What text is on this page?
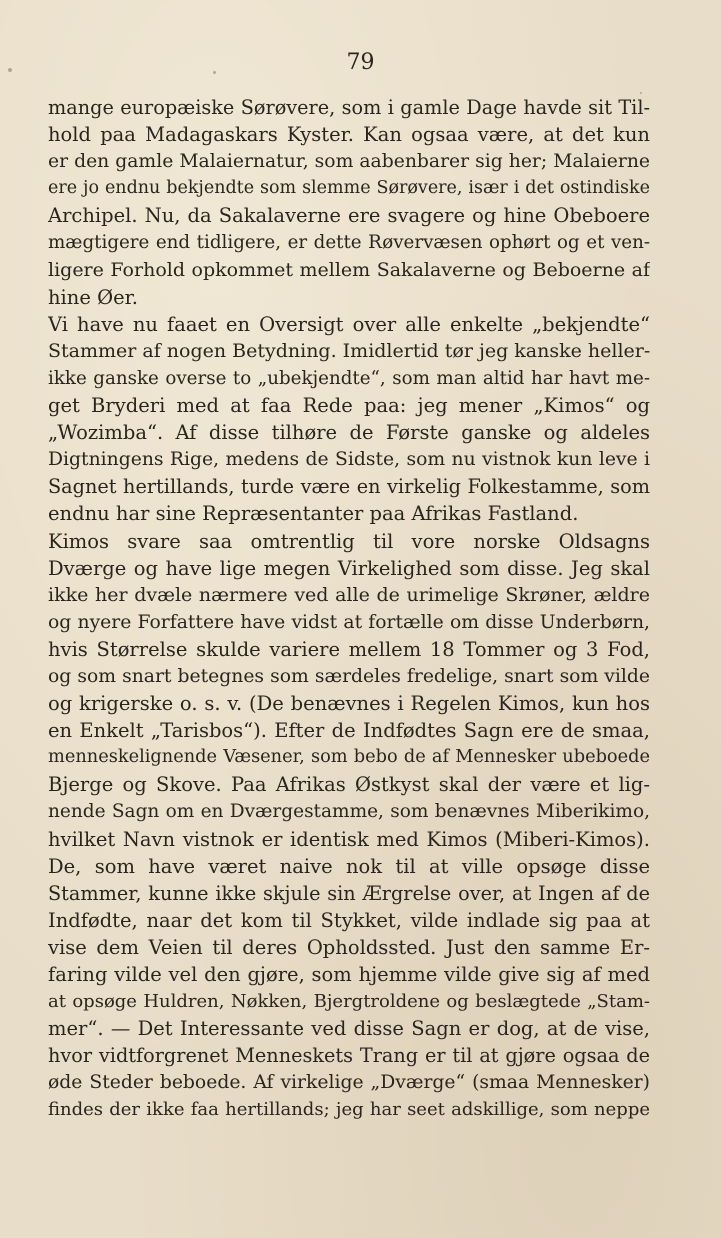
79
mange europæiske Sørøvere, som i gamle Dage havde sit Til-
hold paa Madagaskars Kyster. Kan ogsaa være, at det kun
er den gamle Malaiernatur, som aabenbarer sig her; Malaierne
ere jo endnu bekjendte som slemme Sørøvere, især i det ostindiske
Archipel. Nu, da Sakalaverne ere svagere og hine Obeboere
mægtigere end tidligere, er dette Røvervæsen ophørt og et ven-
ligere Forhold opkommet mellem Sakalaverne og Beboerne af
hine Øer.
Vi have nu faaet en Oversigt over alle enkelte „bekjendte“
Stammer af nogen Betydning. Imidlertid tør jeg kanske heller-
ikke ganske overse to „ubekjendte“, som man altid har havt me-
get Bryderi med at faa Rede paa: jeg mener „Kimos“ og
„Wozimba“. Af disse tilhøre de Første ganske og aldeles
Digtningens Rige, medens de Sidste, som nu vistnok kun leve i
Sagnet hertillands, turde være en virkelig Folkestamme, som
endnu har sine Repræsentanter paa Afrikas Fastland.
Kimos svare saa omtrentlig til vore norske Oldsagns
Dværge og have lige megen Virkelighed som disse. Jeg skal
ikke her dvæle nærmere ved alle de urimelige Skrøner, ældre
og nyere Forfattere have vidst at fortælle om disse Underbørn,
hvis Størrelse skulde variere mellem 18 Tommer og 3 Fod,
og som snart betegnes som særdeles fredelige, snart som vilde
og krigerske o. s. v. (De benævnes i Regelen Kimos, kun hos
en Enkelt „Tarisbos“). Efter de Indfødtes Sagn ere de smaa,
menneskelignende Væsener, som bebo de af Mennesker ubeboede
Bjerge og Skove. Paa Afrikas Østkyst skal der være et lig-
nende Sagn om en Dværgestamme, som benævnes Miberikimo,
hvilket Navn vistnok er identisk med Kimos (Miberi-Kimos).
De, som have været naive nok til at ville opsøge disse
Stammer, kunne ikke skjule sin Ærgrelse over, at Ingen af de
Indfødte, naar det kom til Stykket, vilde indlade sig paa at
vise dem Veien til deres Opholdssted. Just den samme Er-
faring vilde vel den gjøre, som hjemme vilde give sig af med
at opsøge Huldren, Nøkken, Bjergtroldene og beslægtede „Stam-
mer“. — Det Interessante ved disse Sagn er dog, at de vise,
hvor vidtforgrenet Menneskets Trang er til at gjøre ogsaa de
øde Steder beboede. Af virkelige „Dværge“ (smaa Mennesker)
findes der ikke faa hertillands; jeg har seet adskillige, som neppe
